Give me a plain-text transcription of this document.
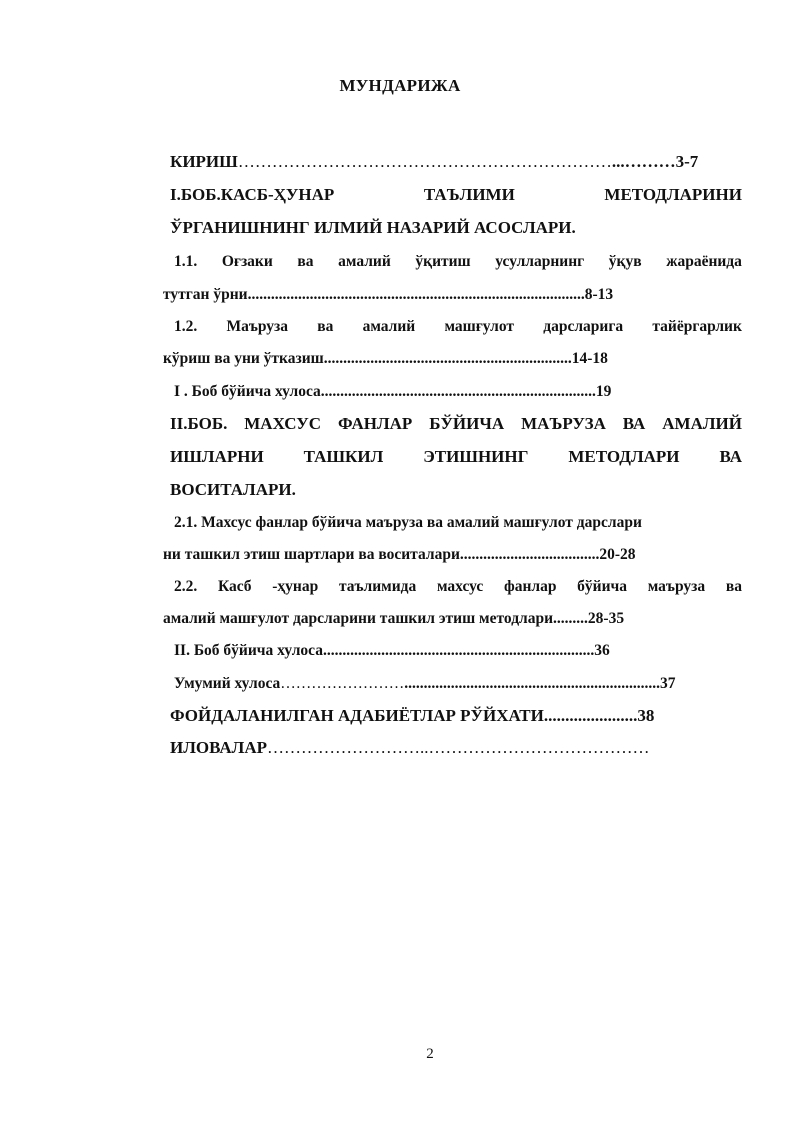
МУНДАРИЖА
КИРИШ…………………………………………………………...………3-7
I.БОБ.КАСБ-ҲУНАР	ТАЪЛИМИ	МЕТОДЛАРИНИ
ЎРГАНИШНИНГ ИЛМИЙ НАЗАРИЙ АСОСЛАРИ.
1.1. Оғзаки ва амалий ўқитиш усулларнинг ўқув жараёнида
тутган ўрни.......................................................................................8-13
1.2. Маъруза ва амалий машғулот дарсларига тайёргарлик
кўриш ва уни ўтказиш................................................................14-18
I . Боб бўйича хулоса.......................................................................19
II.БОБ. МАХСУС ФАНЛАР БЎЙИЧА МАЪРУЗА ВА АМАЛИЙ
ИШЛАРНИ ТАШКИЛ ЭТИШНИНГ МЕТОДЛАРИ ВА
ВОСИТАЛАРИ.
2.1. Махсус фанлар бўйича маъруза ва амалий машғулот дарслари
ни ташкил этиш шартлари ва воситалари....................................20-28
2.2. Касб -ҳунар таълимида махсус фанлар бўйича маъруза ва
амалий машғулот дарсларини ташкил этиш методлари.........28-35
II. Боб бўйича хулоса......................................................................36
Умумий хулоса……………………..................................................................37
ФОЙДАЛАНИЛГАН АДАБИЁТЛАР РЎЙХАТИ......................38
ИЛОВАЛАР………………………..…………………………………
2
